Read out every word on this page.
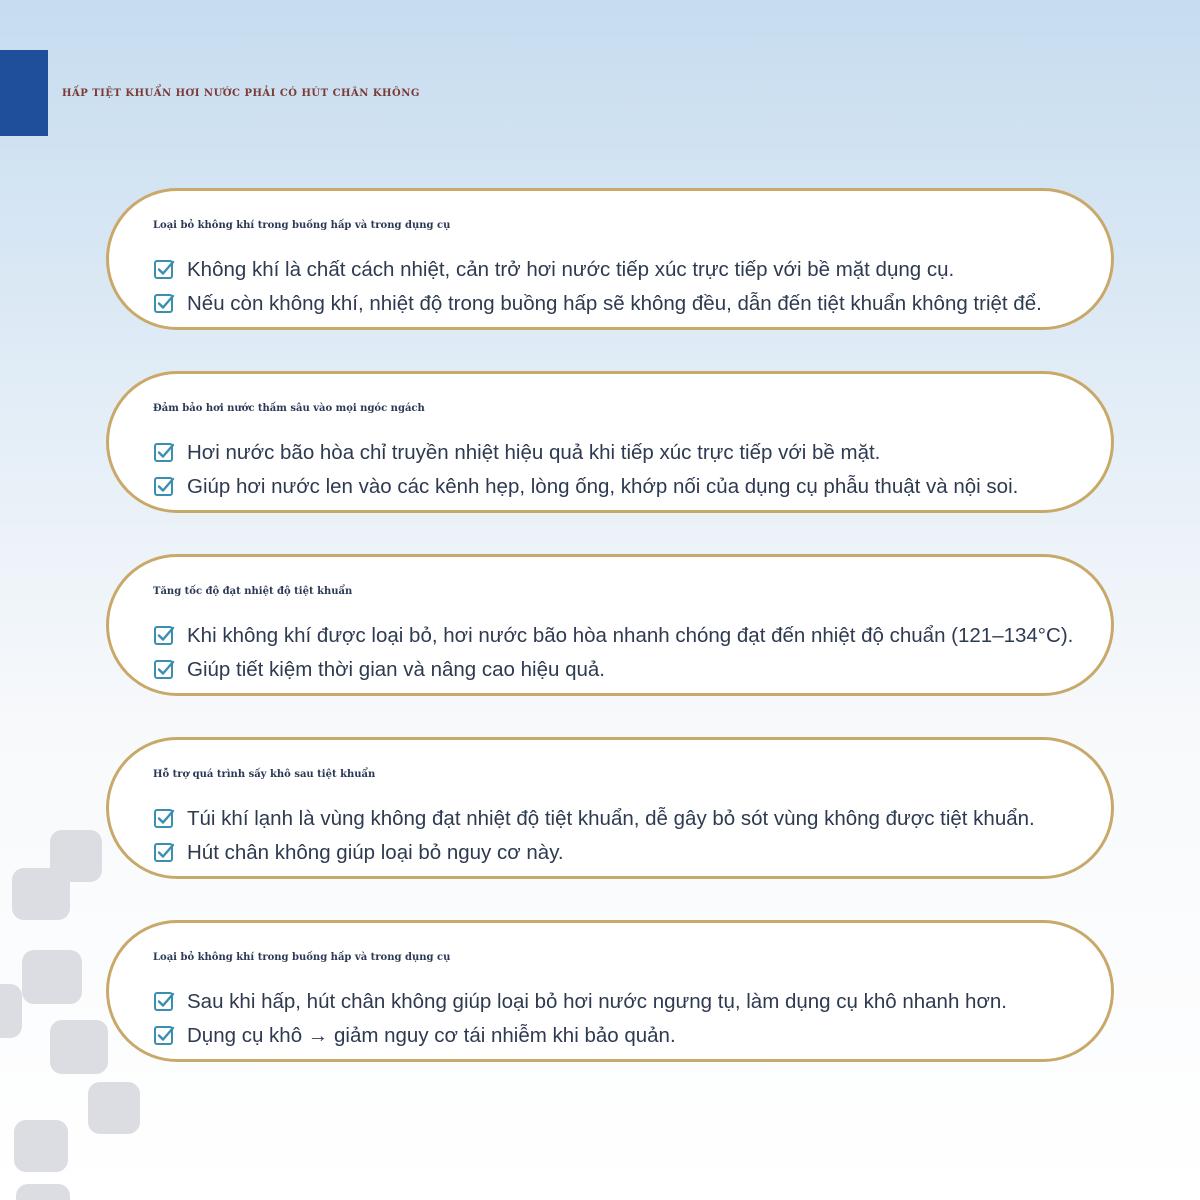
HẤP TIỆT KHUẨN HƠI NƯỚC PHẢI CÓ HÚT CHÂN KHÔNG
Loại bỏ không khí trong buồng hấp và trong dụng cụ
Không khí là chất cách nhiệt, cản trở hơi nước tiếp xúc trực tiếp với bề mặt dụng cụ.
Nếu còn không khí, nhiệt độ trong buồng hấp sẽ không đều, dẫn đến tiệt khuẩn không triệt để.
Đảm bảo hơi nước thấm sâu vào mọi ngóc ngách
Hơi nước bão hòa chỉ truyền nhiệt hiệu quả khi tiếp xúc trực tiếp với bề mặt.
Giúp hơi nước len vào các kênh hẹp, lòng ống, khớp nối của dụng cụ phẫu thuật và nội soi.
Tăng tốc độ đạt nhiệt độ tiệt khuẩn
Khi không khí được loại bỏ, hơi nước bão hòa nhanh chóng đạt đến nhiệt độ chuẩn (121–134°C).
Giúp tiết kiệm thời gian và nâng cao hiệu quả.
Hỗ trợ quá trình sấy khô sau tiệt khuẩn
Túi khí lạnh là vùng không đạt nhiệt độ tiệt khuẩn, dễ gây bỏ sót vùng không được tiệt khuẩn.
Hút chân không giúp loại bỏ nguy cơ này.
Loại bỏ không khí trong buồng hấp và trong dụng cụ
Sau khi hấp, hút chân không giúp loại bỏ hơi nước ngưng tụ, làm dụng cụ khô nhanh hơn.
Dụng cụ khô → giảm nguy cơ tái nhiễm khi bảo quản.
